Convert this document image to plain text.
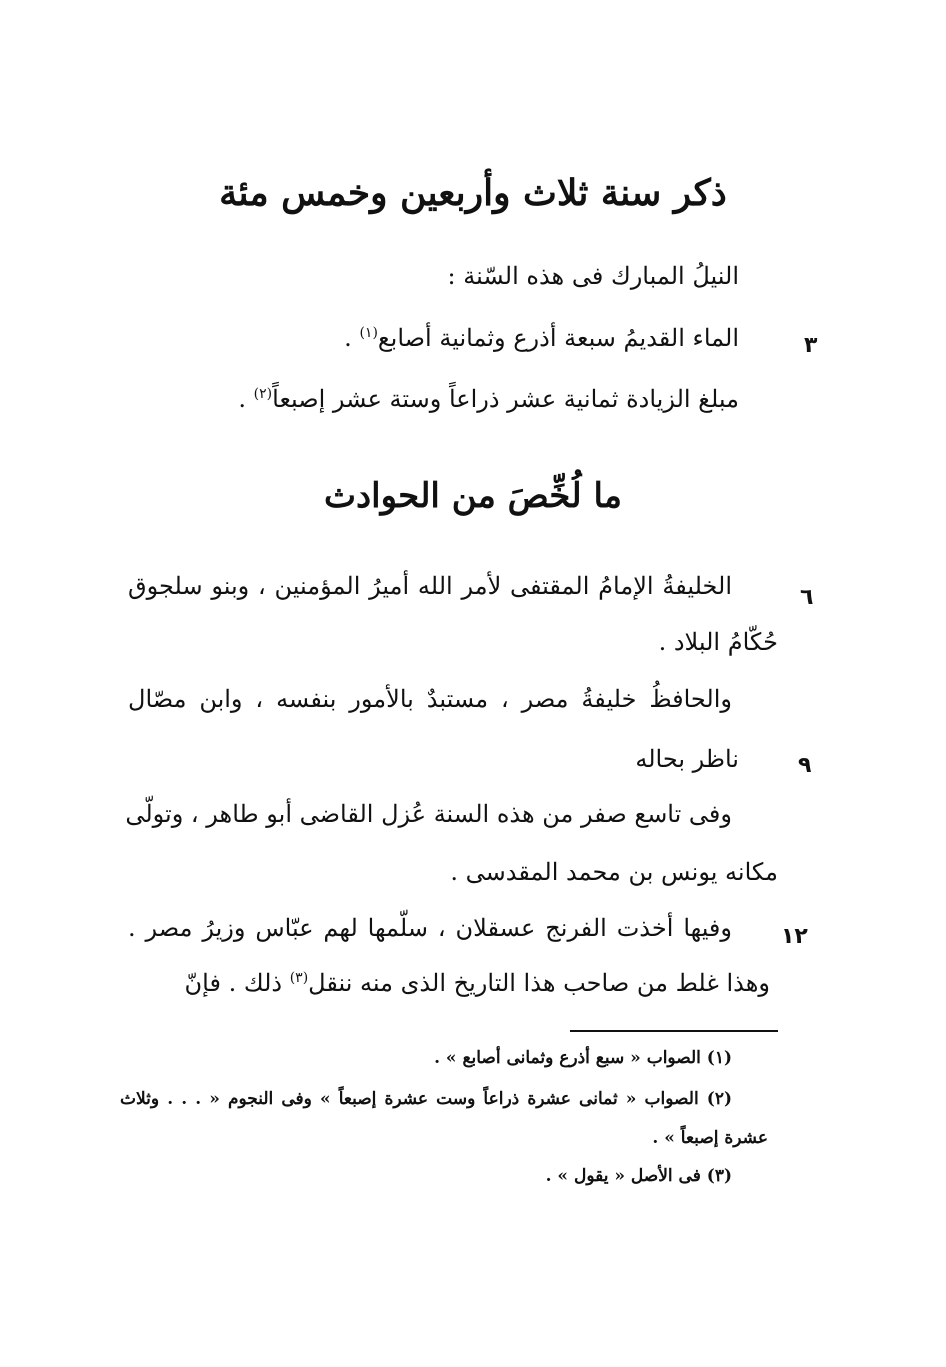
ذكر سنة ثلاث وأربعين وخمس مئة
النيلُ المبارك فى هذه السّنة :
الماء القديمُ سبعة أذرع وثمانية أصابع$^{(١)}$ .	٣
مبلغ الزيادة ثمانية عشر ذراعاً وستة عشر إصبعاً$^{(٢)}$ .
ما لُخِّصَ من الحوادث
الخليفةُ الإمامُ المقتفى لأمر الله أميرُ المؤمنين ، وبنو سلجوق	٦
حُكّامُ البلاد .
والحافظُ خليفةُ مصر ، مستبدٌ بالأمور بنفسه ، وابن مصّال
ناظر بحاله	٩
وفى تاسع صفر من هذه السنة عُزل القاضى أبو طاهر ، وتولّى
مكانه يونس بن محمد المقدسى .
وفيها أخذت الفرنج عسقلان ، سلّمها لهم عبّاس وزيرُ مصر . ١٢
وهذا غلط من صاحب هذا التاريخ الذى منه ننقل$^{(٣)}$ ذلك . فإنّ
(١) الصواب « سبع أذرع وثمانى أصابع » .
(٢) الصواب « ثمانى عشرة ذراعاً وست عشرة إصبعاً » وفى النجوم « . . . وثلاث
عشرة إصبعاً » .
(٣) فى الأصل « يقول » .
